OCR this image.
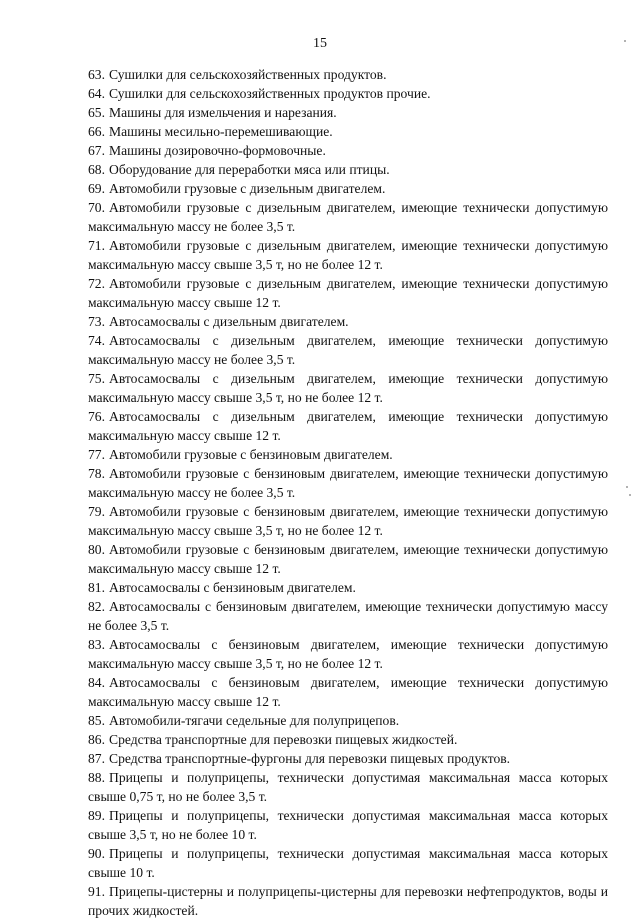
15
63. Сушилки для сельскохозяйственных продуктов.
64. Сушилки для сельскохозяйственных продуктов прочие.
65. Машины для измельчения и нарезания.
66. Машины месильно-перемешивающие.
67. Машины дозировочно-формовочные.
68. Оборудование для переработки мяса или птицы.
69. Автомобили грузовые с дизельным двигателем.
70. Автомобили грузовые с дизельным двигателем, имеющие технически допустимую максимальную массу не более 3,5 т.
71. Автомобили грузовые с дизельным двигателем, имеющие технически допустимую максимальную массу свыше 3,5 т, но не более 12 т.
72. Автомобили грузовые с дизельным двигателем, имеющие технически допустимую максимальную массу свыше 12 т.
73. Автосамосвалы с дизельным двигателем.
74. Автосамосвалы с дизельным двигателем, имеющие технически допустимую максимальную массу не более 3,5 т.
75. Автосамосвалы с дизельным двигателем, имеющие технически допустимую максимальную массу свыше 3,5 т, но не более 12 т.
76. Автосамосвалы с дизельным двигателем, имеющие технически допустимую максимальную массу свыше 12 т.
77. Автомобили грузовые с бензиновым двигателем.
78. Автомобили грузовые с бензиновым двигателем, имеющие технически допустимую максимальную массу не более 3,5 т.
79. Автомобили грузовые с бензиновым двигателем, имеющие технически допустимую максимальную массу свыше 3,5 т, но не более 12 т.
80. Автомобили грузовые с бензиновым двигателем, имеющие технически допустимую максимальную массу свыше 12 т.
81. Автосамосвалы с бензиновым двигателем.
82. Автосамосвалы с бензиновым двигателем, имеющие технически допустимую массу не более 3,5 т.
83. Автосамосвалы с бензиновым двигателем, имеющие технически допустимую максимальную массу свыше 3,5 т, но не более 12 т.
84. Автосамосвалы с бензиновым двигателем, имеющие технически допустимую максимальную массу свыше 12 т.
85. Автомобили-тягачи седельные для полуприцепов.
86. Средства транспортные для перевозки пищевых жидкостей.
87. Средства транспортные-фургоны для перевозки пищевых продуктов.
88. Прицепы и полуприцепы, технически допустимая максимальная масса которых свыше 0,75 т, но не более 3,5 т.
89. Прицепы и полуприцепы, технически допустимая максимальная масса которых свыше 3,5 т, но не более 10 т.
90. Прицепы и полуприцепы, технически допустимая максимальная масса которых свыше 10 т.
91. Прицепы-цистерны и полуприцепы-цистерны для перевозки нефтепродуктов, воды и прочих жидкостей.
